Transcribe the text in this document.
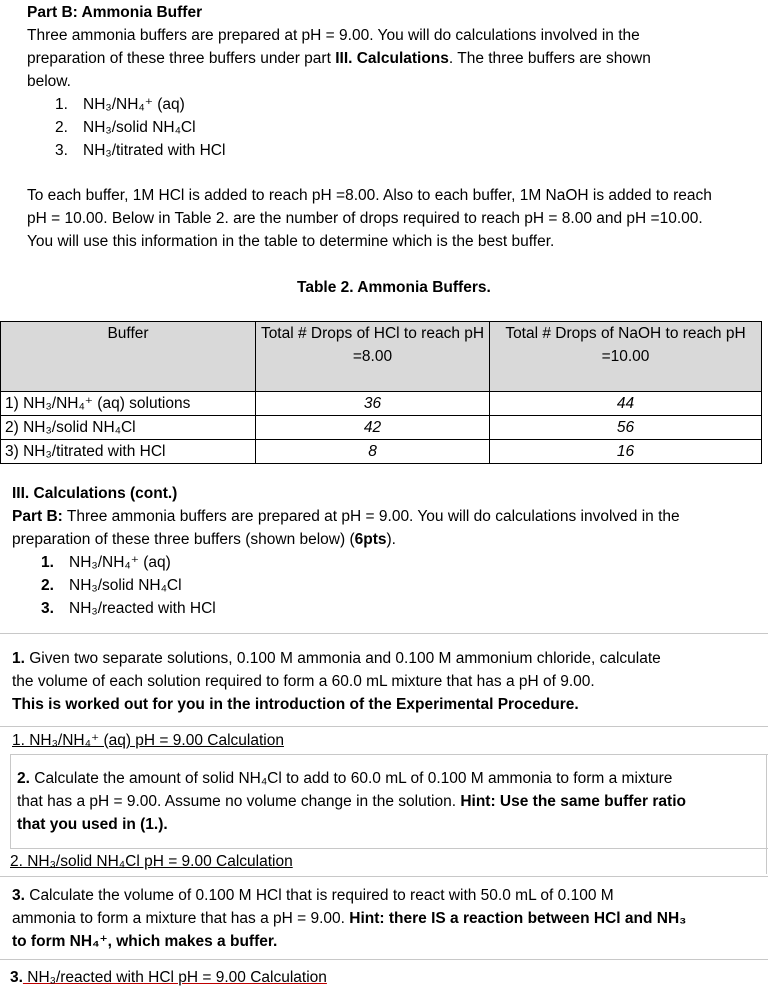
Part B: Ammonia Buffer
Three ammonia buffers are prepared at pH = 9.00. You will do calculations involved in the
preparation of these three buffers under part III. Calculations. The three buffers are shown
below.
1. NH₃/NH₄⁺ (aq)
2. NH₃/solid NH₄Cl
3. NH₃/titrated with HCl
To each buffer, 1M HCl is added to reach pH =8.00. Also to each buffer, 1M NaOH is added to reach
pH = 10.00. Below in Table 2. are the number of drops required to reach pH = 8.00 and pH =10.00.
You will use this information in the table to determine which is the best buffer.
Table 2. Ammonia Buffers.
Buffer	Total # Drops of HCl to reach pH =8.00	Total # Drops of NaOH to reach pH =10.00
1) NH₃/NH₄⁺ (aq) solutions	36	44
2) NH₃/solid NH₄Cl	42	56
3) NH₃/titrated with HCl	8	16
III. Calculations (cont.)
Part B: Three ammonia buffers are prepared at pH = 9.00. You will do calculations involved in the
preparation of these three buffers (shown below) (6pts).
1. NH₃/NH₄⁺ (aq)
2. NH₃/solid NH₄Cl
3. NH₃/reacted with HCl
1. Given two separate solutions, 0.100 M ammonia and 0.100 M ammonium chloride, calculate
the volume of each solution required to form a 60.0 mL mixture that has a pH of 9.00.
This is worked out for you in the introduction of the Experimental Procedure.
1. NH₃/NH₄⁺ (aq) pH = 9.00 Calculation
2. Calculate the amount of solid NH₄Cl to add to 60.0 mL of 0.100 M ammonia to form a mixture
that has a pH = 9.00. Assume no volume change in the solution. Hint: Use the same buffer ratio
that you used in (1.).
2. NH₃/solid NH₄Cl pH = 9.00 Calculation
3. Calculate the volume of 0.100 M HCl that is required to react with 50.0 mL of 0.100 M
ammonia to form a mixture that has a pH = 9.00. Hint: there IS a reaction between HCl and NH₃
to form NH₄⁺, which makes a buffer.
3. NH₃/reacted with HCl pH = 9.00 Calculation
